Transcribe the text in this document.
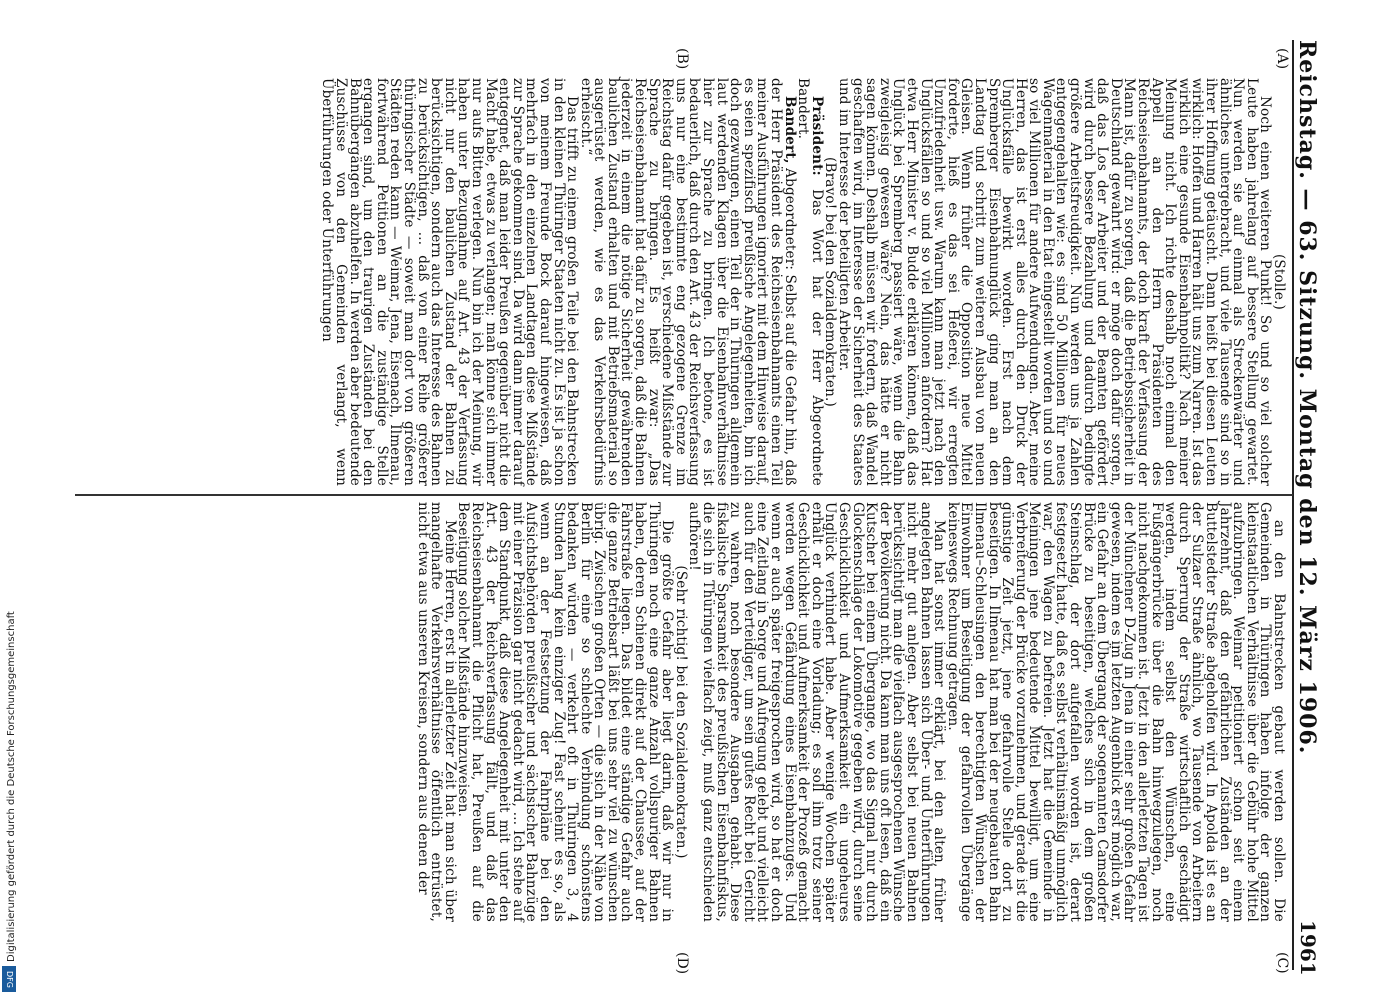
Reichstag. — 63. Sitzung. Montag den 12. März 1906.
1961
(A)
(B)
(C)
(D)

(Stolle.)

Noch einen weiteren Punkt! So und so viel solcher Leute haben jahrelang auf bessere Stellung gewartet. Nun werden sie auf einmal als Streckenwärter und ähnliches untergebracht, und viele Tausende sind so in ihrer Hoffnung getäuscht. Dann heißt bei diesen Leuten wirklich: Hoffen und Harren hält uns zum Narren. Ist das wirklich eine gesunde Eisenbahnpolitik? Nach meiner Meinung nicht. Ich richte deshalb noch einmal den Appell an den Herrn Präsidenten des Reichseisenbahnamts, der doch kraft der Verfassung der Mann ist, dafür zu sorgen, daß die Betriebssicherheit in Deutschland gewahrt wird: er möge doch dafür sorgen, daß das Los der Arbeiter und der Beamten gefördert wird durch bessere Bezahlung und dadurch bedingte größere Arbeitsfreudigkeit. Nun werden uns ja Zahlen entgegengehalten wie: es sind 50 Millionen für neues Wagenmaterial in den Etat eingestellt worden und so und so viel Millionen für andere Aufwendungen. Aber, meine Herren, das ist erst alles durch den Druck der Unglücksfälle bewirkt worden. Erst nach dem Spremberger Eisenbahnunglück ging man an den Landtag und schritt zum weiteren Ausbau von neuen Gleisen. Wenn früher die Opposition neue Mittel forderte, hieß es das sei Heßerei, wir erregten Unzufriedenheit usw. Warum kann man jetzt nach den Unglücksfällen so und so viel Millionen anfordern? Hat etwa Herr Minister v. Budde erklären können, daß das Unglück bei Spremberg passiert wäre, wenn die Bahn zweigleisig gewesen wäre? Nein, das hätte er nicht sagen können. Deshalb müssen wir fordern, daß Wandel geschaffen wird, im Interesse der Sicherheit des Staates und im Interesse der beteiligten Arbeiter.

(Bravo! bei den Sozialdemokraten.)

Präsident: Das Wort hat der Herr Abgeordnete Bandert.

Bandert, Abgeordneter: Selbst auf die Gefahr hin, daß der Herr Präsident des Reichseisenbahnamts einen Teil meiner Ausführungen ignoriert mit dem Hinweise darauf, es seien spezifisch preußische Angelegenheiten, bin ich doch gezwungen, einen Teil der in Thüringen allgemein laut werdenden Klagen über die Eisenbahnverhältnisse hier zur Sprache zu bringen. Ich betone, es ist bedauerlich, daß durch den Art. 43 der Reichsverfassung uns nur eine bestimmte eng gezogene Grenze im Reichstag dafür gegeben ist, verschiedene Mißstände zur Sprache zu bringen. Es heißt zwar: „Das Reichseisenbahnamt hat dafür zu sorgen, daß die Bahnen jederzeit in einem die nötige Sicherheit gewährenden baulichen Zustand erhalten und mit Betriebsmaterial so ausgerüstet werden, wie es das Verkehrsbedürfnis erheischt.“

Das trifft zu einem großen Teile bei den Bahnstrecken in den kleinen Thüringer Staaten nicht zu. Es ist ja schon von meinem Freunde Bock darauf hingewiesen, daß mehrfach in den einzelnen Landtagen diese Mißstände zur Sprache gekommen sind. Da wird dann immer darauf entgegnet, daß man leider Preußen gegenüber nicht die Macht habe, etwas zu verlangen; man könne sich immer nur aufs Bitten verlegen. Nun bin ich der Meinung, wir haben unter Bezugnahme auf Art. 43 der Verfassung nicht nur den baulichen Zustand der Bahnen zu berücksichtigen, sondern auch das Interesse des Bahnen zu berücksichtigen, ... daß von einer Reihe größerer thüringischer Städte — soweit man dort von größeren Städten reden kann — Weimar, Jena, Eisenach, Ilmenau, fortwährend Petitionen an die zuständige Stelle ergangen sind, um den traurigen Zuständen bei den Bahnübergängen abzuhelfen. In werden aber bedeutende Zuschüsse von den Gemeinden verlangt, wenn Überführungen oder Unterführungen

an den Bahnstrecken gebaut werden sollen. Die Gemeinden in Thüringen haben infolge der ganzen kleinstaatlichen Verhältnisse über die Gebühr hohe Mittel aufzubringen. Weimar petitioniert schon seit einem Jahrzehnt, daß den gefährlichen Zuständen an der Buttelstedter Straße abgeholfen wird. In Apolda ist es an der Sulzaer Straße ähnlich, wo Tausende von Arbeitern durch Sperrung der Straße wirtschaftlich geschädigt werden, indem selbst den Wünschen, eine Fußgängerbrücke über die Bahn hinwegzulegen, noch nicht nachgekommen ist. Jetzt in den allerletzten Tagen ist der Münchener D-Zug in Jena in einer sehr großen Gefahr gewesen, indem es im letzten Augenblick erst möglich war, ein Gefahr an dem Übergang der sogenannten Camsdorfer Brücke zu beseitigen, welches sich in dem großen Steinschlag, der dort aufgefallen worden ist, derart festgesetzt hatte, daß es selbst verhältnismäßig unmöglich war, den Wagen zu befreien. Jetzt hat die Gemeinde in Meiningen jene bedeutende Mittel bewilligt, um eine Verbreiterung der Brücke vorzunehmen, und gerade ist die günstige Zeit jetzt, jene gefahrvolle Stelle dort zu beseitigen. In Ilmenau hat man bei der neugebauten Bahn Ilmenau–Schleusingen den berechtigten Wünschen der Einwohner um Beseitigung der gefahrvollen Übergänge keineswegs Rechnung getragen.

Man hat sonst immer erklärt, bei den alten, früher angelegten Bahnen lassen sich Über- und Unterführungen nicht mehr gut anlegen. Aber selbst bei neuen Bahnen berücksichtigt man die vielfach ausgesprochenen Wünsche der Bevölkerung nicht. Da kann man uns oft lesen, daß ein Kutscher bei einem Übergange, wo das Signal nur durch Glockenschläge der Lokomotive gegeben wird, durch seine Geschicklichkeit und Aufmerksamkeit ein ungeheures Unglück verhindert habe. Aber wenige Wochen später erhält er doch eine Vorladung; es soll ihm trotz seiner Geschicklichkeit und Aufmerksamkeit der Prozeß gemacht werden wegen Gefährdung eines Eisenbahnzuges. Und wenn er auch später freigesprochen wird, so hat er doch eine Zeitlang in Sorge und Aufregung gelebt und vielleicht auch für den Verteidiger, um sein gutes Recht bei Gericht zu wahren, noch besondere Ausgaben gehabt. Diese fiskalische Sparsamkeit des preußischen Eisenbahnfiskus, die sich in Thüringen vielfach zeigt, muß ganz entschieden aufhören!

(Sehr richtig! bei den Sozialdemokraten.)

Die größte Gefahr aber liegt darin, daß wir nur in Thüringen noch eine ganze Anzahl vollspuriger Bahnen haben, deren Schienen direkt auf der Chaussee, auf der Fahrstraße liegen. Das bildet eine ständige Gefahr auch die ganze Betriebsart läßt bei uns sehr viel zu wünschen übrig. Zwischen großen Orten — die sich in der Nähe von Berlin für eine so schlechte Verbindung schönstens bedanken würden — verkehrt oft in Thüringen 3, 4 Stunden lang kein einziger Zug! Fast scheint es so, als wenn an der Festsetzung der Fahrpläne bei den Aufsichtsbehörden preußischer und sächsischer Bahnzüge mit einer Präzision gar nicht gedacht wird, ... Ich stehe auf dem Standpunkt, daß diese Angelegenheit mit unter den Art. 43 der Reichsverfassung fällt, und daß das Reichseisenbahnamt die Pflicht hat, Preußen auf die Beseitigung solcher Mißstände hinzuweisen.

Meine Herren, erst in allerletzter Zeit hat man sich über mangelhafte Verkehrsverhältnisse öffentlich entrüstet, nicht etwa aus unseren Kreisen, sondern aus denen der

Digitalisierung gefördert durch die Deutsche Forschungsgemeinschaft
DFG
